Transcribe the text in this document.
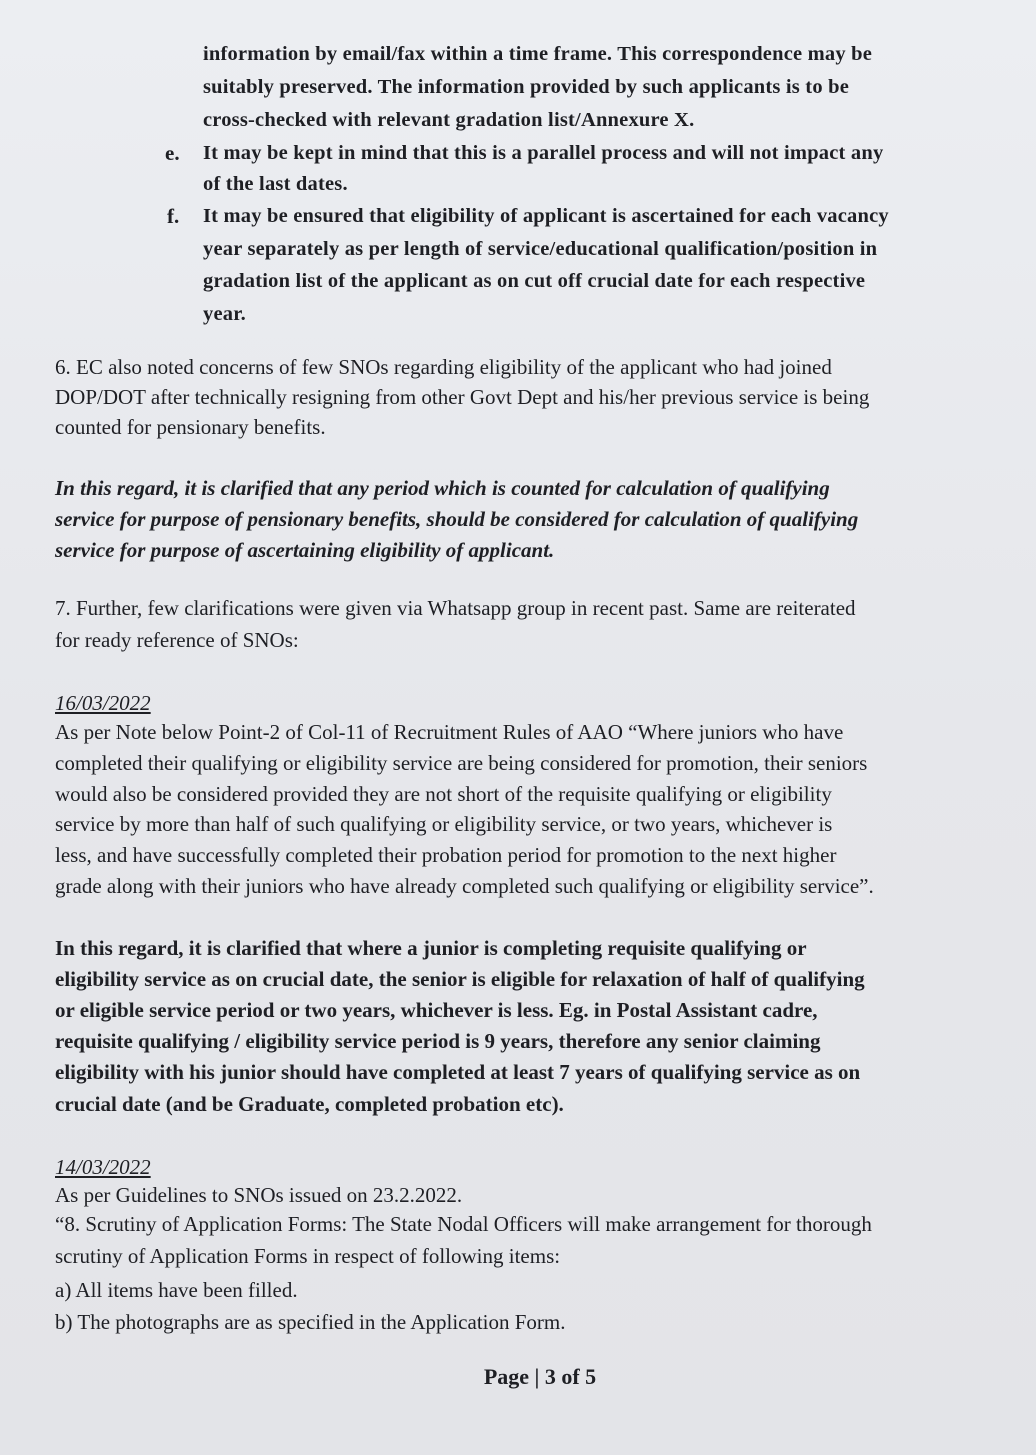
information by email/fax within a time frame. This correspondence may be
suitably preserved. The information provided by such applicants is to be
cross-checked with relevant gradation list/Annexure X.
e. It may be kept in mind that this is a parallel process and will not impact any
of the last dates.
f. It may be ensured that eligibility of applicant is ascertained for each vacancy
year separately as per length of service/educational qualification/position in
gradation list of the applicant as on cut off crucial date for each respective
year.
6. EC also noted concerns of few SNOs regarding eligibility of the applicant who had joined
DOP/DOT after technically resigning from other Govt Dept and his/her previous service is being
counted for pensionary benefits.
In this regard, it is clarified that any period which is counted for calculation of qualifying
service for purpose of pensionary benefits, should be considered for calculation of qualifying
service for purpose of ascertaining eligibility of applicant.
7. Further, few clarifications were given via Whatsapp group in recent past. Same are reiterated
for ready reference of SNOs:
16/03/2022
As per Note below Point-2 of Col-11 of Recruitment Rules of AAO “Where juniors who have
completed their qualifying or eligibility service are being considered for promotion, their seniors
would also be considered provided they are not short of the requisite qualifying or eligibility
service by more than half of such qualifying or eligibility service, or two years, whichever is
less, and have successfully completed their probation period for promotion to the next higher
grade along with their juniors who have already completed such qualifying or eligibility service”.
In this regard, it is clarified that where a junior is completing requisite qualifying or
eligibility service as on crucial date, the senior is eligible for relaxation of half of qualifying
or eligible service period or two years, whichever is less. Eg. in Postal Assistant cadre,
requisite qualifying / eligibility service period is 9 years, therefore any senior claiming
eligibility with his junior should have completed at least 7 years of qualifying service as on
crucial date (and be Graduate, completed probation etc).
14/03/2022
As per Guidelines to SNOs issued on 23.2.2022.
“8. Scrutiny of Application Forms: The State Nodal Officers will make arrangement for thorough
scrutiny of Application Forms in respect of following items:
a) All items have been filled.
b) The photographs are as specified in the Application Form.
Page | 3 of 5
